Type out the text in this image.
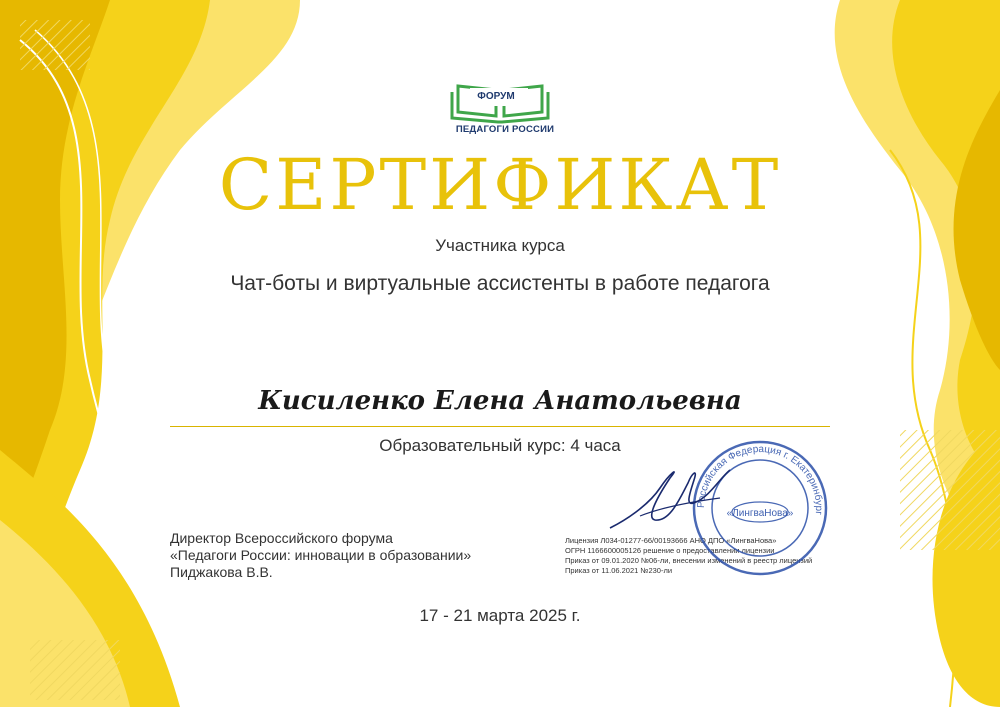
ФОРУМ
ПЕДАГОГИ РОССИИ
СЕРТИФИКАТ
Участника курса
Чат-боты и виртуальные ассистенты в работе педагога
Кисиленко Елена Анатольевна
Образовательный курс: 4 часа
Директор Всероссийского форума
«Педагоги России: инновации в образовании»
Пиджакова В.В.
Лицензия Л034-01277-66/00193666 АНО ДПО «ЛингваНова»
ОГРН 1166600005126 решение о предоставлении лицензии
Приказ от 09.01.2020 №06-ли, внесении изменений в реестр лицензий
Приказ от 11.06.2021 №230-ли
Российская Федерация г. Екатеринбург
«ЛингваНова»
17 - 21 марта 2025 г.
